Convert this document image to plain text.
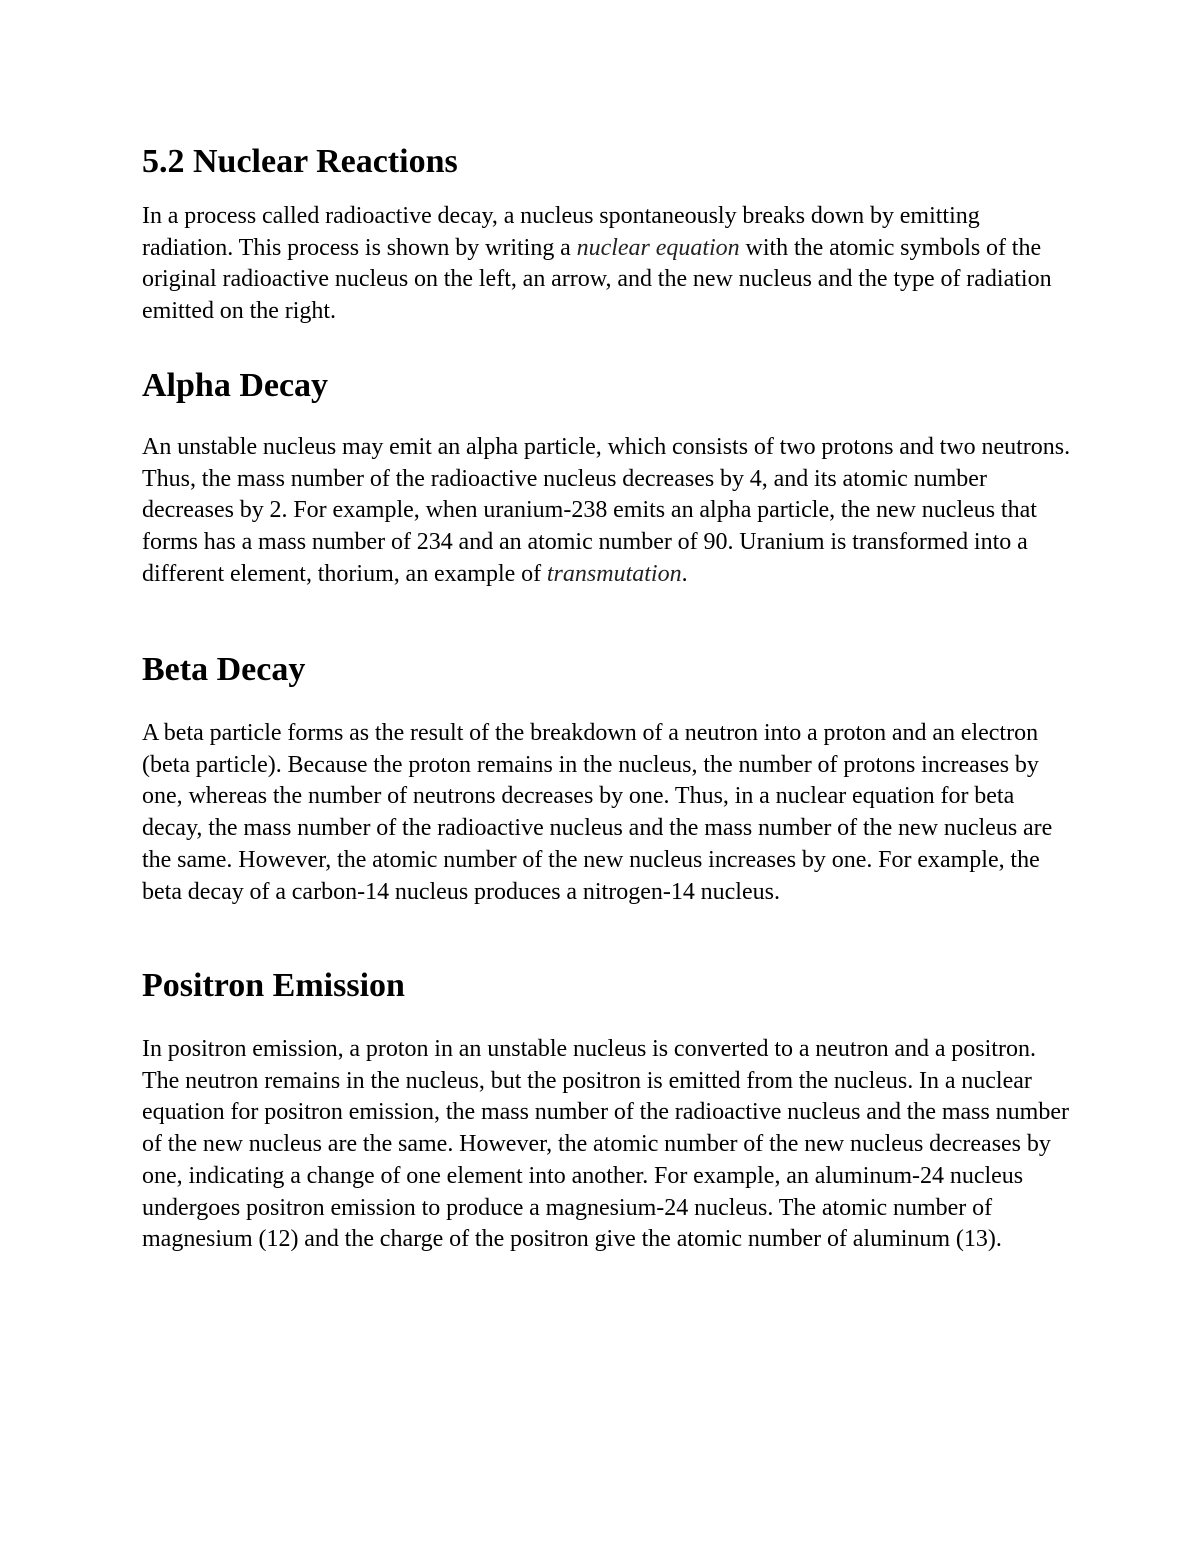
5.2 Nuclear Reactions

In a process called radioactive decay, a nucleus spontaneously breaks down by emitting radiation. This process is shown by writing a nuclear equation with the atomic symbols of the original radioactive nucleus on the left, an arrow, and the new nucleus and the type of radiation emitted on the right.

Alpha Decay

An unstable nucleus may emit an alpha particle, which consists of two protons and two neutrons. Thus, the mass number of the radioactive nucleus decreases by 4, and its atomic number decreases by 2. For example, when uranium-238 emits an alpha particle, the new nucleus that forms has a mass number of 234 and an atomic number of 90. Uranium is transformed into a different element, thorium, an example of transmutation.

Beta Decay

A beta particle forms as the result of the breakdown of a neutron into a proton and an electron (beta particle). Because the proton remains in the nucleus, the number of protons increases by one, whereas the number of neutrons decreases by one. Thus, in a nuclear equation for beta decay, the mass number of the radioactive nucleus and the mass number of the new nucleus are the same. However, the atomic number of the new nucleus increases by one. For example, the beta decay of a carbon-14 nucleus produces a nitrogen-14 nucleus.

Positron Emission

In positron emission, a proton in an unstable nucleus is converted to a neutron and a positron. The neutron remains in the nucleus, but the positron is emitted from the nucleus. In a nuclear equation for positron emission, the mass number of the radioactive nucleus and the mass number of the new nucleus are the same. However, the atomic number of the new nucleus decreases by one, indicating a change of one element into another. For example, an aluminum-24 nucleus undergoes positron emission to produce a magnesium-24 nucleus. The atomic number of magnesium (12) and the charge of the positron give the atomic number of aluminum (13).
